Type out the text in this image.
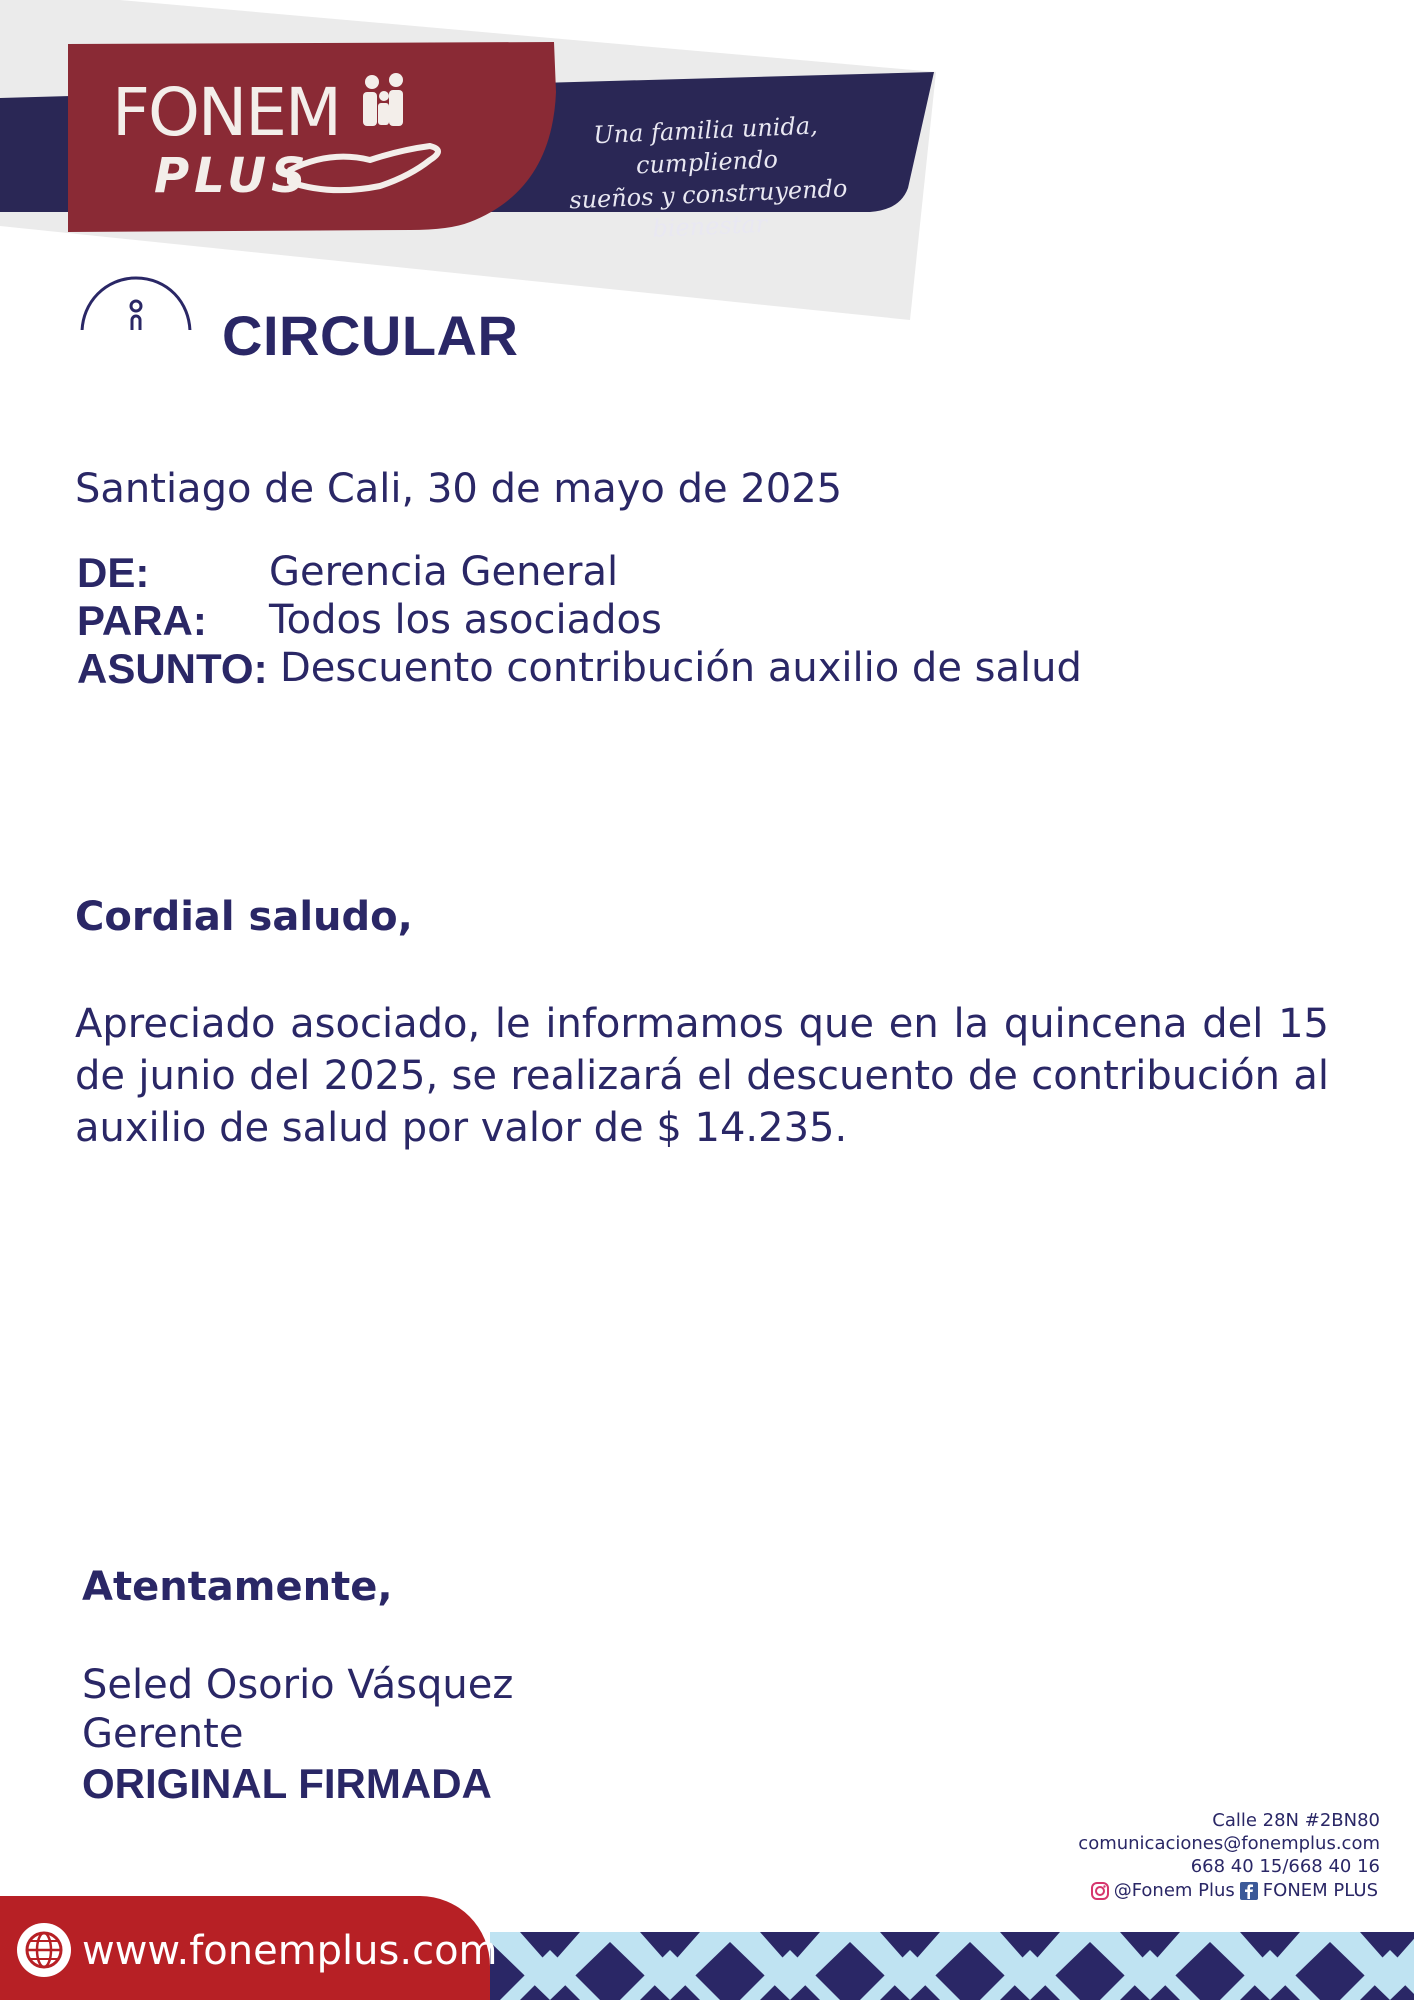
FONEM
PLUS
Una familia unida, cumpliendo
sueños y construyendo bienestar
CIRCULAR
Santiago de Cali, 30 de mayo de 2025
DE:	Gerencia General
PARA: Todos los asociados
ASUNTO: Descuento contribución auxilio de salud
Cordial saludo,
Apreciado asociado, le informamos que en la quincena del 15 de junio del 2025, se realizará el descuento de contribución al auxilio de salud por valor de $ 14.235.
Atentamente,
Seled Osorio Vásquez
Gerente
ORIGINAL FIRMADA
Calle 28N #2BN80
comunicaciones@fonemplus.com
668 40 15/668 40 16
@Fonem Plus FONEM PLUS
www.fonemplus.com
